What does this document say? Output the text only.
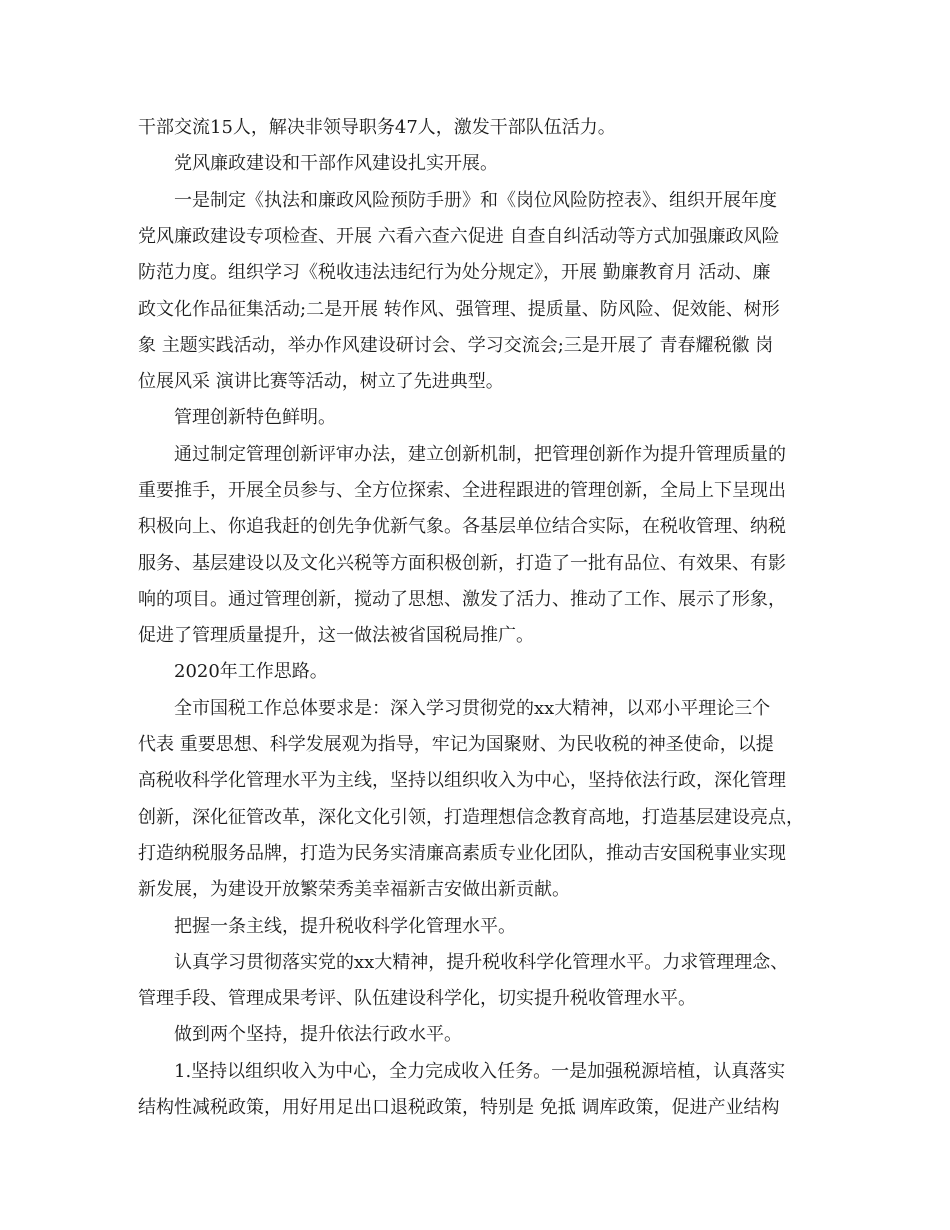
干部交流15人，解决非领导职务47人，激发干部队伍活力。

党风廉政建设和干部作风建设扎实开展。

一是制定《执法和廉政风险预防手册》和《岗位风险防控表》、组织开展年度

党风廉政建设专项检查、开展 六看六查六促进 自查自纠活动等方式加强廉政风险

防范力度。组织学习《税收违法违纪行为处分规定》，开展 勤廉教育月 活动、廉

政文化作品征集活动;二是开展 转作风、强管理、提质量、防风险、促效能、树形

象 主题实践活动，举办作风建设研讨会、学习交流会;三是开展了 青春耀税徽 岗

位展风采 演讲比赛等活动，树立了先进典型。

管理创新特色鲜明。

通过制定管理创新评审办法，建立创新机制，把管理创新作为提升管理质量的

重要推手，开展全员参与、全方位探索、全进程跟进的管理创新，全局上下呈现出

积极向上、你追我赶的创先争优新气象。各基层单位结合实际，在税收管理、纳税

服务、基层建设以及文化兴税等方面积极创新，打造了一批有品位、有效果、有影

响的项目。通过管理创新，搅动了思想、激发了活力、推动了工作、展示了形象，

促进了管理质量提升，这一做法被省国税局推广。

2020年工作思路。

全市国税工作总体要求是：深入学习贯彻党的xx大精神，以邓小平理论三个

代表 重要思想、科学发展观为指导，牢记为国聚财、为民收税的神圣使命，以提

高税收科学化管理水平为主线，坚持以组织收入为中心，坚持依法行政，深化管理

创新，深化征管改革，深化文化引领，打造理想信念教育高地，打造基层建设亮点，

打造纳税服务品牌，打造为民务实清廉高素质专业化团队，推动吉安国税事业实现

新发展，为建设开放繁荣秀美幸福新吉安做出新贡献。

把握一条主线，提升税收科学化管理水平。

认真学习贯彻落实党的xx大精神，提升税收科学化管理水平。力求管理理念、

管理手段、管理成果考评、队伍建设科学化，切实提升税收管理水平。

做到两个坚持，提升依法行政水平。

1.坚持以组织收入为中心，全力完成收入任务。一是加强税源培植，认真落实

结构性减税政策，用好用足出口退税政策，特别是 免抵 调库政策，促进产业结构
